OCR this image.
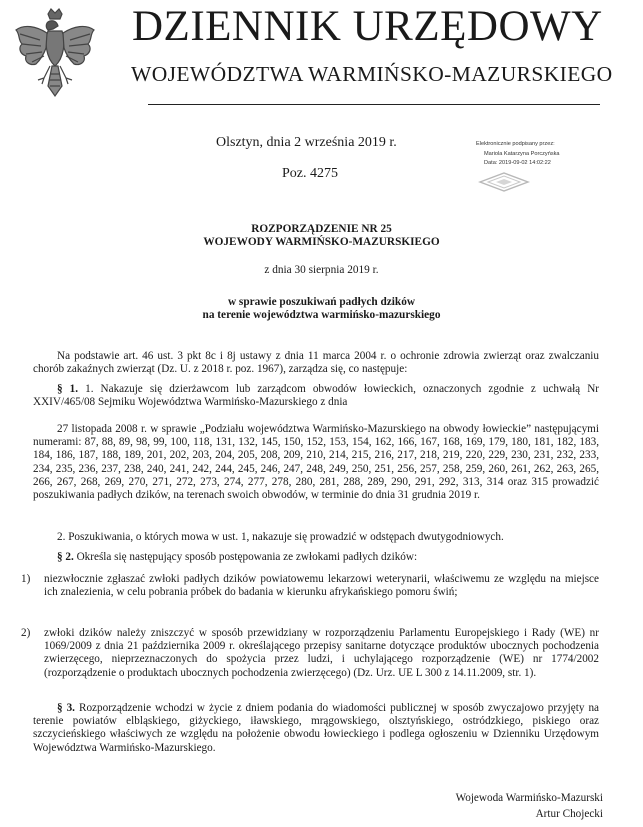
DZIENNIK URZĘDOWY
WOJEWÓDZTWA WARMIŃSKO-MAZURSKIEGO
Olsztyn, dnia 2 września 2019 r.
Poz. 4275
Elektronicznie podpisany przez:
Mariola Katarzyna Porczyńska
Data: 2019-09-02 14:02:22
ROZPORZĄDZENIE NR 25
WOJEWODY WARMIŃSKO-MAZURSKIEGO
z dnia 30 sierpnia 2019 r.
w sprawie poszukiwań padłych dzików
na terenie województwa warmińsko-mazurskiego
Na podstawie art. 46 ust. 3 pkt 8c i 8j ustawy z dnia 11 marca 2004 r. o ochronie zdrowia zwierząt oraz zwalczaniu chorób zakaźnych zwierząt (Dz. U. z 2018 r. poz. 1967), zarządza się, co następuje:
§ 1. 1. Nakazuje się dzierżawcom lub zarządcom obwodów łowieckich, oznaczonych zgodnie z uchwałą Nr XXIV/465/08 Sejmiku Województwa Warmińsko-Mazurskiego z dnia
27 listopada 2008 r. w sprawie „Podziału województwa Warmińsko-Mazurskiego na obwody łowieckie” następującymi numerami: 87, 88, 89, 98, 99, 100, 118, 131, 132, 145, 150, 152, 153, 154, 162, 166, 167, 168, 169, 179, 180, 181, 182, 183, 184, 186, 187, 188, 189, 201, 202, 203, 204, 205, 208, 209, 210, 214, 215, 216, 217, 218, 219, 220, 229, 230, 231, 232, 233, 234, 235, 236, 237, 238, 240, 241, 242, 244, 245, 246, 247, 248, 249, 250, 251, 256, 257, 258, 259, 260, 261, 262, 263, 265, 266, 267, 268, 269, 270, 271, 272, 273, 274, 277, 278, 280, 281, 288, 289, 290, 291, 292, 313, 314 oraz 315 prowadzić poszukiwania padłych dzików, na terenach swoich obwodów, w terminie do dnia 31 grudnia 2019 r.
2. Poszukiwania, o których mowa w ust. 1, nakazuje się prowadzić w odstępach dwutygodniowych.
§ 2. Określa się następujący sposób postępowania ze zwłokami padłych dzików:
1) niezwłocznie zgłaszać zwłoki padłych dzików powiatowemu lekarzowi weterynarii, właściwemu ze względu na miejsce ich znalezienia, w celu pobrania próbek do badania w kierunku afrykańskiego pomoru świń;
2) zwłoki dzików należy zniszczyć w sposób przewidziany w rozporządzeniu Parlamentu Europejskiego i Rady (WE) nr 1069/2009 z dnia 21 października 2009 r. określającego przepisy sanitarne dotyczące produktów ubocznych pochodzenia zwierzęcego, nieprzeznaczonych do spożycia przez ludzi, i uchylającego rozporządzenie (WE) nr 1774/2002 (rozporządzenie o produktach ubocznych pochodzenia zwierzęcego) (Dz. Urz. UE L 300 z 14.11.2009, str. 1).
§ 3. Rozporządzenie wchodzi w życie z dniem podania do wiadomości publicznej w sposób zwyczajowo przyjęty na terenie powiatów elbląskiego, giżyckiego, iławskiego, mrągowskiego, olsztyńskiego, ostródzkiego, piskiego oraz szczycieńskiego właściwych ze względu na położenie obwodu łowieckiego i podlega ogłoszeniu w Dzienniku Urzędowym Województwa Warmińsko-Mazurskiego.
Wojewoda Warmińsko-Mazurski
Artur Chojecki
